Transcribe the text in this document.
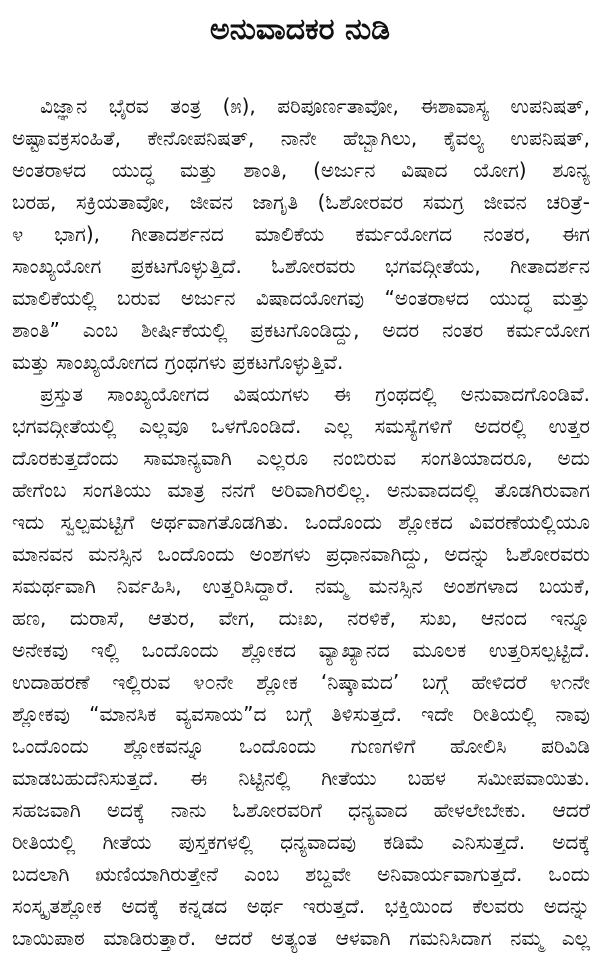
ಅನುವಾದಕರ ನುಡಿ
ವಿಜ್ಞಾನ ಭೈರವ ತಂತ್ರ (೫), ಪರಿಪೂರ್ಣತಾವೋ, ಈಶಾವಾಸ್ಯ ಉಪನಿಷತ್,
ಅಷ್ಟಾವಕ್ರಸಂಹಿತೆ, ಕೇನೋಪನಿಷತ್, ನಾನೇ ಹೆಬ್ಬಾಗಿಲು, ಕೈವಲ್ಯ ಉಪನಿಷತ್,
ಅಂತರಾಳದ ಯುದ್ಧ ಮತ್ತು ಶಾಂತಿ, (ಅರ್ಜುನ ವಿಷಾದ ಯೋಗ) ಶೂನ್ಯ
ಬರಹ, ಸಕ್ರಿಯತಾವೋ, ಜೀವನ ಜಾಗೃತಿ (ಓಶೋರವರ ಸಮಗ್ರ ಜೀವನ ಚರಿತ್ರೆ-
೪ ಭಾಗ), ಗೀತಾದರ್ಶನದ ಮಾಲಿಕೆಯ ಕರ್ಮಯೋಗದ ನಂತರ, ಈಗ
ಸಾಂಖ್ಯಯೋಗ ಪ್ರಕಟಗೊಳ್ಳುತ್ತಿದೆ. ಓಶೋರವರು ಭಗವದ್ಗೀತೆಯ, ಗೀತಾದರ್ಶನ
ಮಾಲಿಕೆಯಲ್ಲಿ ಬರುವ ಅರ್ಜುನ ವಿಷಾದಯೋಗವು “ಅಂತರಾಳದ ಯುದ್ಧ ಮತ್ತು
ಶಾಂತಿ” ಎಂಬ ಶೀರ್ಷಿಕೆಯಲ್ಲಿ ಪ್ರಕಟಗೊಂಡಿದ್ದು, ಅದರ ನಂತರ ಕರ್ಮಯೋಗ
ಮತ್ತು ಸಾಂಖ್ಯಯೋಗದ ಗ್ರಂಥಗಳು ಪ್ರಕಟಗೊಳ್ಳುತ್ತಿವೆ.
ಪ್ರಸ್ತುತ ಸಾಂಖ್ಯಯೋಗದ ವಿಷಯಗಳು ಈ ಗ್ರಂಥದಲ್ಲಿ ಅನುವಾದಗೊಂಡಿವೆ.
ಭಗವದ್ಗೀತೆಯಲ್ಲಿ ಎಲ್ಲವೂ ಒಳಗೊಂಡಿದೆ. ಎಲ್ಲ ಸಮಸ್ಯೆಗಳಿಗೆ ಅದರಲ್ಲಿ ಉತ್ತರ
ದೊರಕುತ್ತದೆಂದು ಸಾಮಾನ್ಯವಾಗಿ ಎಲ್ಲರೂ ನಂಬಿರುವ ಸಂಗತಿಯಾದರೂ, ಅದು
ಹೇಗೆಂಬ ಸಂಗತಿಯು ಮಾತ್ರ ನನಗೆ ಅರಿವಾಗಿರಲಿಲ್ಲ. ಅನುವಾದದಲ್ಲಿ ತೊಡಗಿರುವಾಗ
ಇದು ಸ್ವಲ್ಪಮಟ್ಟಿಗೆ ಅರ್ಥವಾಗತೊಡಗಿತು. ಒಂದೊಂದು ಶ್ಲೋಕದ ವಿವರಣೆಯಲ್ಲಿಯೂ
ಮಾನವನ ಮನಸ್ಸಿನ ಒಂದೊಂದು ಅಂಶಗಳು ಪ್ರಧಾನವಾಗಿದ್ದು, ಅದನ್ನು ಓಶೋರವರು
ಸಮರ್ಥವಾಗಿ ನಿರ್ವಹಿಸಿ, ಉತ್ತರಿಸಿದ್ದಾರೆ. ನಮ್ಮ ಮನಸ್ಸಿನ ಅಂಶಗಳಾದ ಬಯಕೆ,
ಹಣ, ದುರಾಸೆ, ಆತುರ, ವೇಗ, ದುಃಖ, ನರಳಿಕೆ, ಸುಖ, ಆನಂದ ಇನ್ನೂ
ಅನೇಕವು ಇಲ್ಲಿ ಒಂದೊಂದು ಶ್ಲೋಕದ ವ್ಯಾಖ್ಯಾನದ ಮೂಲಕ ಉತ್ತರಿಸಲ್ಪಟ್ಟಿದೆ.
ಉದಾಹರಣೆ ಇಲ್ಲಿರುವ ೪೦ನೇ ಶ್ಲೋಕ ‘ನಿಷ್ಕಾಮದ’ ಬಗ್ಗೆ ಹೇಳಿದರೆ ೪೧ನೇ
ಶ್ಲೋಕವು “ಮಾನಸಿಕ ವ್ಯವಸಾಯ”ದ ಬಗ್ಗೆ ತಿಳಿಸುತ್ತದೆ. ಇದೇ ರೀತಿಯಲ್ಲಿ ನಾವು
ಒಂದೊಂದು ಶ್ಲೋಕವನ್ನೂ ಒಂದೊಂದು ಗುಣಗಳಿಗೆ ಹೋಲಿಸಿ ಪರಿವಿಡಿ
ಮಾಡಬಹುದೆನಿಸುತ್ತದೆ. ಈ ನಿಟ್ಟಿನಲ್ಲಿ ಗೀತೆಯು ಬಹಳ ಸಮೀಪವಾಯಿತು.
ಸಹಜವಾಗಿ ಅದಕ್ಕೆ ನಾನು ಓಶೋರವರಿಗೆ ಧನ್ಯವಾದ ಹೇಳಲೇಬೇಕು. ಆದರೆ
ರೀತಿಯಲ್ಲಿ ಗೀತೆಯ ಪುಸ್ತಕಗಳಲ್ಲಿ ಧನ್ಯವಾದವು ಕಡಿಮೆ ಎನಿಸುತ್ತದೆ. ಅದಕ್ಕೆ
ಬದಲಾಗಿ ಋಣಿಯಾಗಿರುತ್ತೇನೆ ಎಂಬ ಶಬ್ದವೇ ಅನಿವಾರ್ಯವಾಗುತ್ತದೆ. ಒಂದು
ಸಂಸ್ಕೃತಶ್ಲೋಕ ಅದಕ್ಕೆ ಕನ್ನಡದ ಅರ್ಥ ಇರುತ್ತದೆ. ಭಕ್ತಿಯಿಂದ ಕೆಲವರು ಅದನ್ನು
ಬಾಯಿಪಾಠ ಮಾಡಿರುತ್ತಾರೆ. ಆದರೆ ಅತ್ಯಂತ ಆಳವಾಗಿ ಗಮನಿಸಿದಾಗ ನಮ್ಮ ಎಲ್ಲ
